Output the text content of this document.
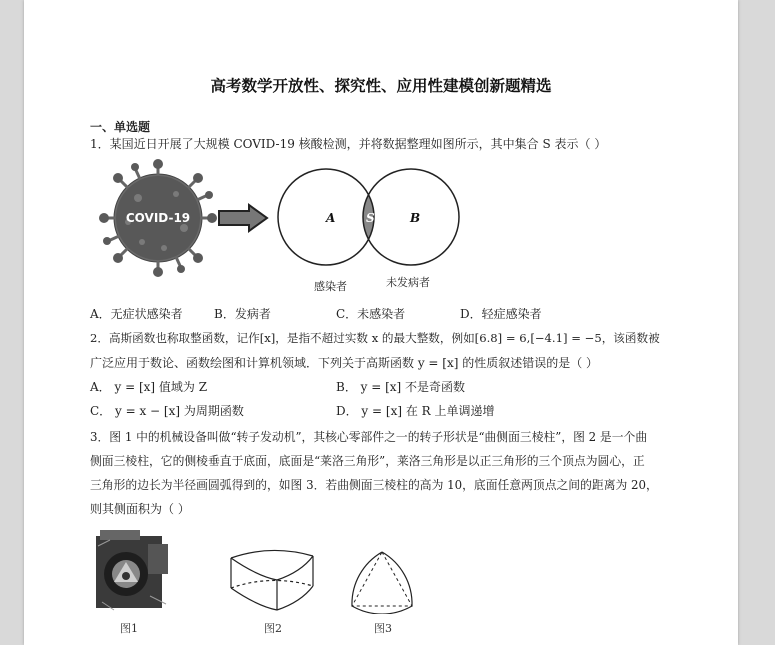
高考数学开放性、探究性、应用性建模创新题精选
一、单选题
1．某国近日开展了大规模 COVID-19 核酸检测，并将数据整理如图所示，其中集合 S 表示（ ）
COVID-19	A	S	B
感染者	未发病者
A．无症状感染者	B．发病者	C．未感染者	D．轻症感染者
2．高斯函数也称取整函数，记作[x]，是指不超过实数 x 的最大整数，例如[6.8] = 6,[−4.1] = −5，该函数被
广泛应用于数论、函数绘图和计算机领域．下列关于高斯函数 y = [x] 的性质叙述错误的是（ ）
A． y = [x] 值域为 Z	B． y = [x] 不是奇函数
C． y = x − [x] 为周期函数	D． y = [x] 在 R 上单调递增
3．图 1 中的机械设备叫做“转子发动机”，其核心零部件之一的转子形状是“曲侧面三棱柱”，图 2 是一个曲
侧面三棱柱，它的侧棱垂直于底面，底面是“莱洛三角形”，莱洛三角形是以正三角形的三个顶点为圆心，正
三角形的边长为半径画圆弧得到的，如图 3．若曲侧面三棱柱的高为 10，底面任意两顶点之间的距离为 20，
则其侧面积为（ ）
图1	图2	图3
